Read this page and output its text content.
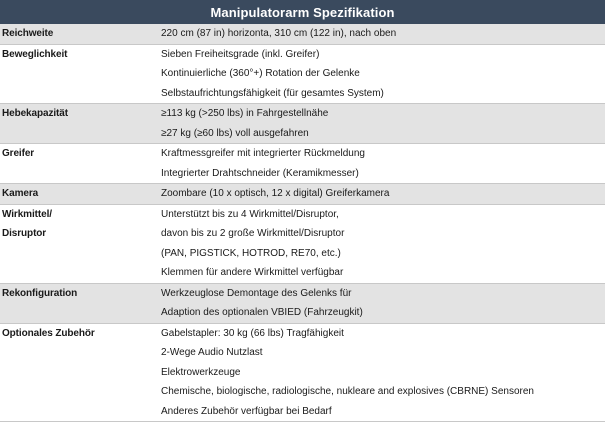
Manipulatorarm Spezifikation	

Reichweite	220 cm (87 in) horizonta, 310 cm (122 in), nach oben

Beweglichkeit	Sieben Freiheitsgrade (inkl. Greifer)
Kontinuierliche (360°+) Rotation der Gelenke
Selbstaufrichtungsfähigkeit (für gesamtes System)

Hebekapazität	≥113 kg (>250 lbs) in Fahrgestellnähe
≥27 kg (≥60 lbs) voll ausgefahren

Greifer	Kraftmessgreifer mit integrierter Rückmeldung
Integrierter Drahtschneider (Keramikmesser)

Kamera	Zoombare (10 x optisch, 12 x digital) Greiferkamera

Wirkmittel/
Disruptor	Unterstützt bis zu 4 Wirkmittel/Disruptor,
davon bis zu 2 große Wirkmittel/Disruptor
(PAN, PIGSTICK, HOTROD, RE70, etc.)
Klemmen für andere Wirkmittel verfügbar

Rekonfiguration	Werkzeuglose Demontage des Gelenks für
Adaption des optionalen VBIED (Fahrzeugkit)

Optionales Zubehör	Gabelstapler: 30 kg (66 lbs) Tragfähigkeit
2-Wege Audio Nutzlast
Elektrowerkzeuge
Chemische, biologische, radiologische, nukleare and explosives (CBRNE) Sensoren
Anderes Zubehör verfügbar bei Bedarf
